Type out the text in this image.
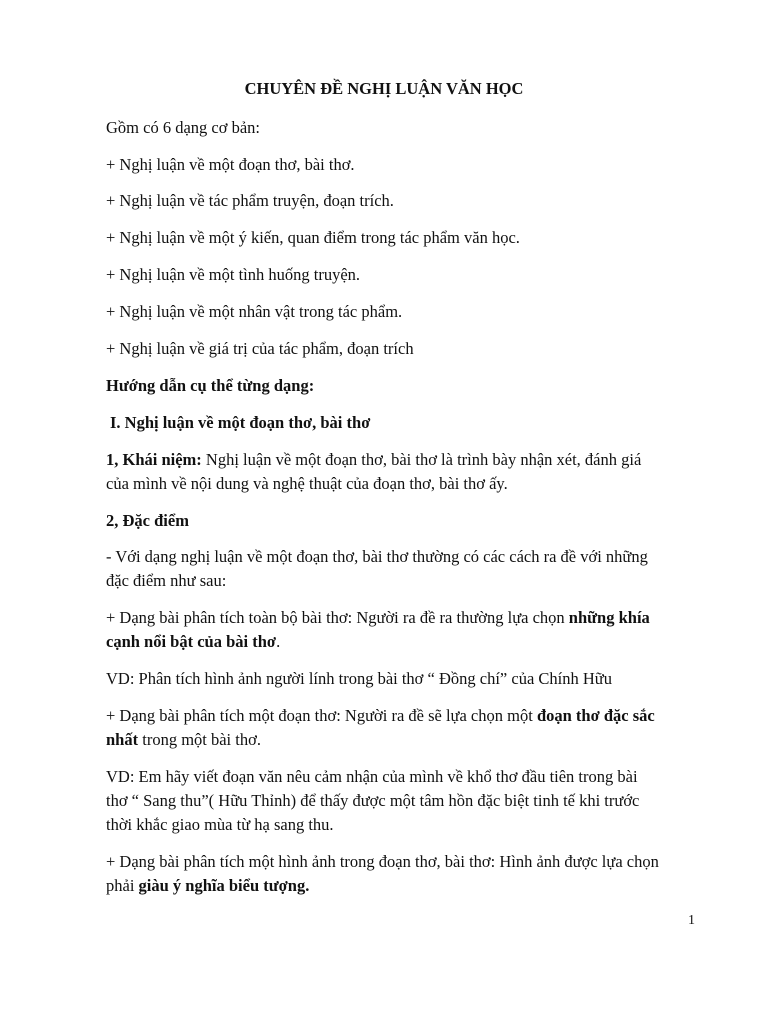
CHUYÊN ĐỀ NGHỊ LUẬN VĂN HỌC
Gồm có 6 dạng cơ bản:
+ Nghị luận về một đoạn thơ, bài thơ.
+ Nghị luận về tác phẩm truyện, đoạn trích.
+ Nghị luận về một ý kiến, quan điểm trong tác phẩm văn học.
+ Nghị luận về một tình huống truyện.
+ Nghị luận về một nhân vật trong tác phẩm.
+ Nghị luận về giá trị của tác phẩm, đoạn trích
Hướng dẫn cụ thể từng dạng:
I. Nghị luận về một đoạn thơ, bài thơ
1, Khái niệm: Nghị luận về một đoạn thơ, bài thơ là trình bày nhận xét, đánh giá
của mình về nội dung và nghệ thuật của đoạn thơ, bài thơ ấy.
2, Đặc điểm
- Với dạng nghị luận về một đoạn thơ, bài thơ thường có các cách ra đề với những
đặc điểm như sau:
+ Dạng bài phân tích toàn bộ bài thơ: Người ra đề ra thường lựa chọn những khía
cạnh nổi bật của bài thơ.
VD: Phân tích hình ảnh người lính trong bài thơ “ Đồng chí” của Chính Hữu
+ Dạng bài phân tích một đoạn thơ: Người ra đề sẽ lựa chọn một đoạn thơ đặc sắc
nhất trong một bài thơ.
VD: Em hãy viết đoạn văn nêu cảm nhận của mình về khổ thơ đầu tiên trong bài
thơ “ Sang thu”( Hữu Thỉnh) để thấy được một tâm hồn đặc biệt tinh tế khi trước
thời khắc giao mùa từ hạ sang thu.
+ Dạng bài phân tích một hình ảnh trong đoạn thơ, bài thơ: Hình ảnh được lựa chọn
phải giàu ý nghĩa biểu tượng.
1
